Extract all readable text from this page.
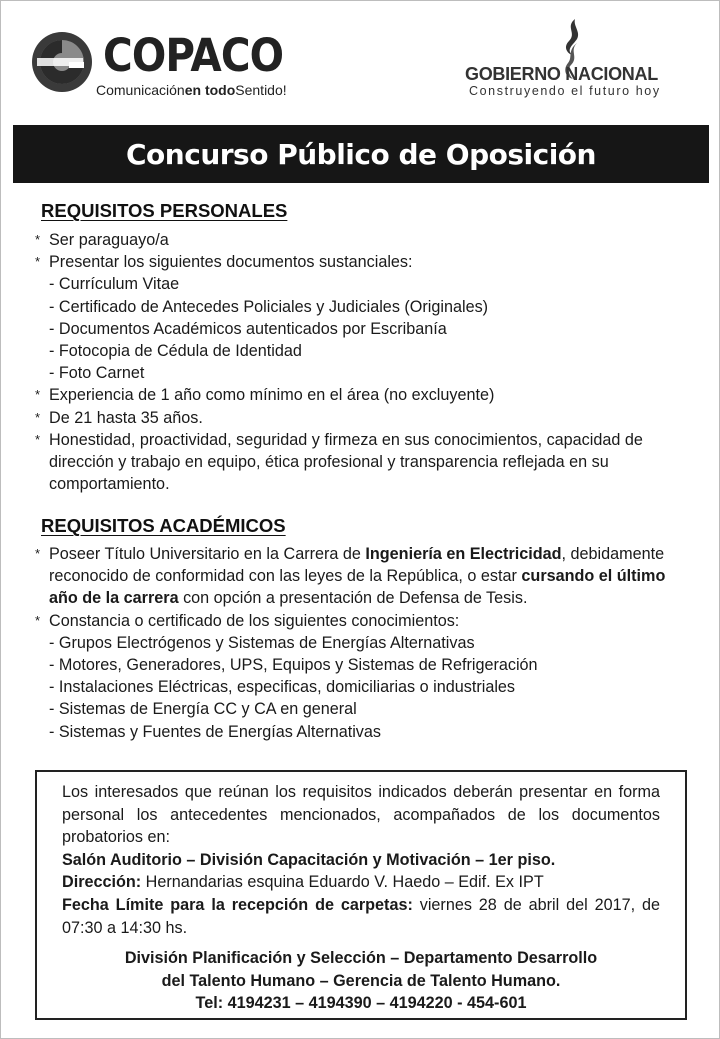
COPACO
Comunicaciónen todoSentido!
GOBIERNO NACIONAL
Construyendo el futuro hoy
Concurso Público de Oposición
REQUISITOS PERSONALES
* Ser paraguayo/a
* Presentar los siguientes documentos sustanciales:
- Currículum Vitae
- Certificado de Antecedes Policiales y Judiciales (Originales)
- Documentos Académicos autenticados por Escribanía
- Fotocopia de Cédula de Identidad
- Foto Carnet
* Experiencia de 1 año como mínimo en el área (no excluyente)
* De 21 hasta 35 años.
* Honestidad, proactividad, seguridad y firmeza en sus conocimientos, capacidad de dirección y trabajo en equipo, ética profesional y transparencia reflejada en su comportamiento.
REQUISITOS ACADÉMICOS
* Poseer Título Universitario en la Carrera de Ingeniería en Electricidad, debidamente reconocido de conformidad con las leyes de la República, o estar cursando el último año de la carrera con opción a presentación de Defensa de Tesis.
* Constancia o certificado de los siguientes conocimientos:
- Grupos Electrógenos y Sistemas de Energías Alternativas
- Motores, Generadores, UPS, Equipos y Sistemas de Refrigeración
- Instalaciones Eléctricas, especificas, domiciliarias o industriales
- Sistemas de Energía CC y CA en general
- Sistemas y Fuentes de Energías Alternativas

Los interesados que reúnan los requisitos indicados deberán presentar en forma personal los antecedentes mencionados, acompañados de los documentos probatorios en:

Salón Auditorio – División Capacitación y Motivación – 1er piso.

Dirección: Hernandarias esquina Eduardo V. Haedo – Edif. Ex IPT

Fecha Límite para la recepción de carpetas: viernes 28 de abril del 2017, de 07:30 a 14:30 hs.

División Planificación y Selección – Departamento Desarrollo

del Talento Humano – Gerencia de Talento Humano.

Tel: 4194231 – 4194390 – 4194220 - 454-601
